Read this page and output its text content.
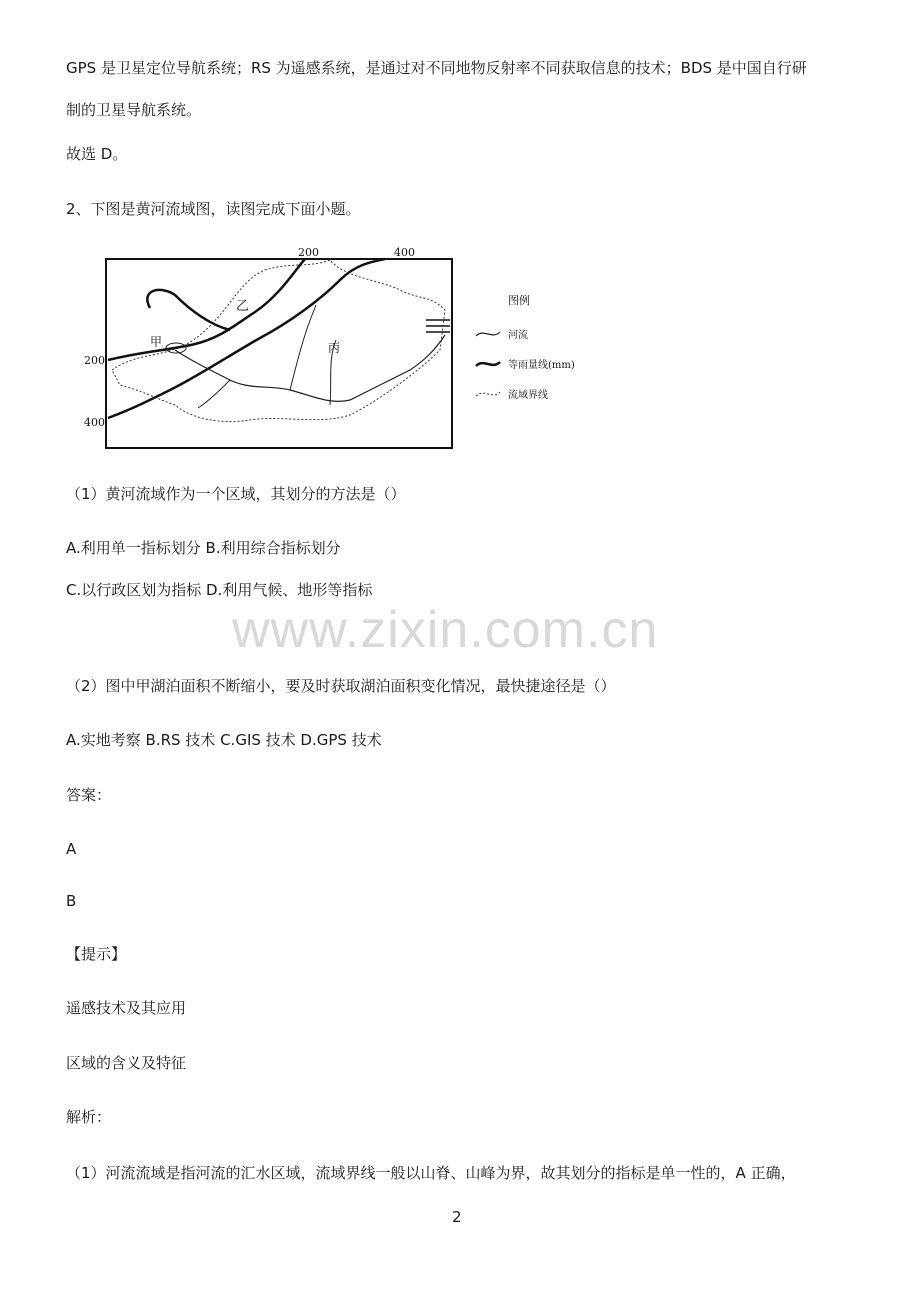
GPS 是卫星定位导航系统；RS 为遥感系统，是通过对不同地物反射率不同获取信息的技术；BDS 是中国自行研
制的卫星导航系统。
故选 D。
2、下图是黄河流域图，读图完成下面小题。
200	400
200
400
甲
乙
丙
图例
河流
等雨量线(mm)
流域界线
（1）黄河流域作为一个区域，其划分的方法是（）
A.利用单一指标划分 B.利用综合指标划分
C.以行政区划为指标 D.利用气候、地形等指标
www.zixin.com.cn
（2）图中甲湖泊面积不断缩小，要及时获取湖泊面积变化情况，最快捷途径是（）
A.实地考察 B.RS 技术 C.GIS 技术 D.GPS 技术
答案：
A
B
【提示】
遥感技术及其应用
区域的含义及特征
解析：
（1）河流流域是指河流的汇水区域，流域界线一般以山脊、山峰为界，故其划分的指标是单一性的，A 正确，
2
